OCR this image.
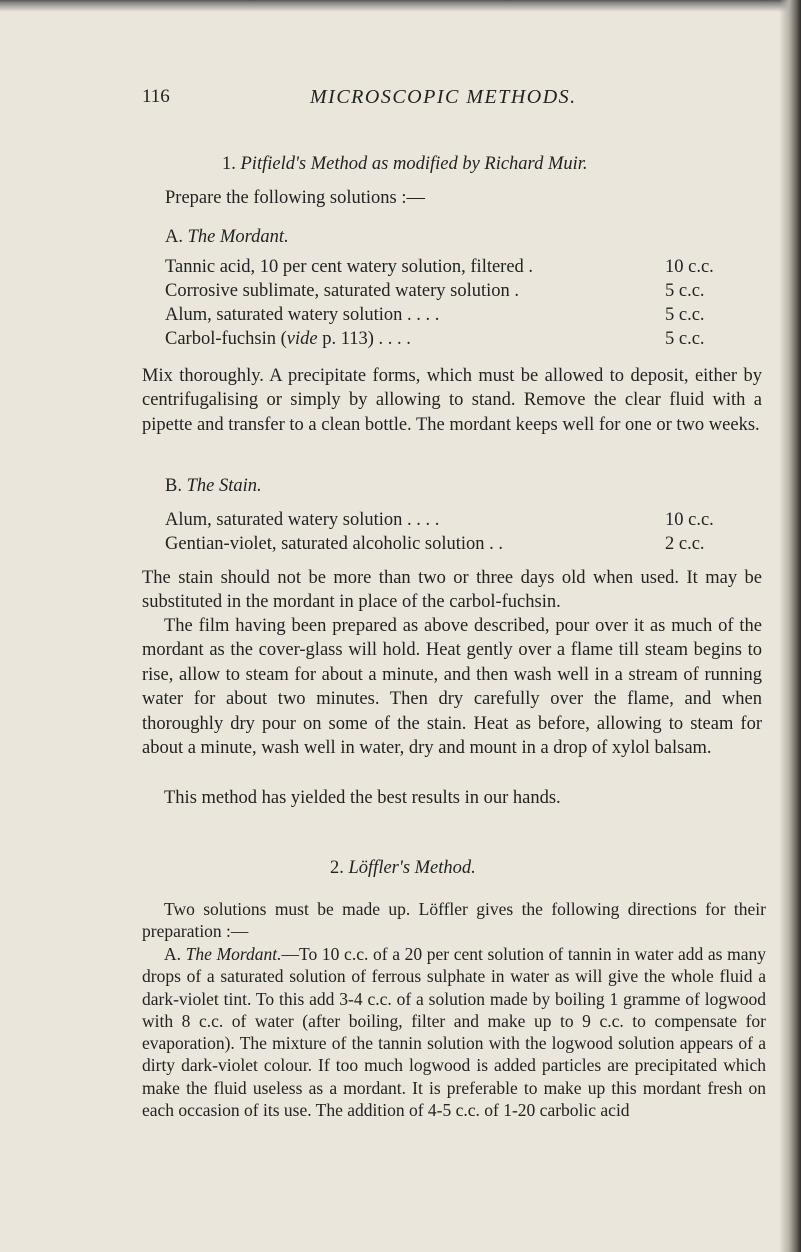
116	MICROSCOPIC METHODS.
1. Pitfield's Method as modified by Richard Muir.
Prepare the following solutions :—
A. The Mordant.
Tannic acid, 10 per cent watery solution, filtered .	10 c.c.
Corrosive sublimate, saturated watery solution .	5 c.c.
Alum, saturated watery solution . . . .	5 c.c.
Carbol-fuchsin (vide p. 113) . . . .	5 c.c.
Mix thoroughly. A precipitate forms, which must be allowed to deposit, either by centrifugalising or simply by allowing to stand. Remove the clear fluid with a pipette and transfer to a clean bottle. The mordant keeps well for one or two weeks.
B. The Stain.
Alum, saturated watery solution . . . .	10 c.c.
Gentian-violet, saturated alcoholic solution . .	2 c.c.
The stain should not be more than two or three days old when used. It may be substituted in the mordant in place of the carbol-fuchsin.
The film having been prepared as above described, pour over it as much of the mordant as the cover-glass will hold. Heat gently over a flame till steam begins to rise, allow to steam for about a minute, and then wash well in a stream of running water for about two minutes. Then dry carefully over the flame, and when thoroughly dry pour on some of the stain. Heat as before, allowing to steam for about a minute, wash well in water, dry and mount in a drop of xylol balsam.
This method has yielded the best results in our hands.
2. Löffler's Method.
Two solutions must be made up. Löffler gives the following directions for their preparation :—
A. The Mordant.—To 10 c.c. of a 20 per cent solution of tannin in water add as many drops of a saturated solution of ferrous sulphate in water as will give the whole fluid a dark-violet tint. To this add 3-4 c.c. of a solution made by boiling 1 gramme of logwood with 8 c.c. of water (after boiling, filter and make up to 9 c.c. to compensate for evaporation). The mixture of the tannin solution with the logwood solution appears of a dirty dark-violet colour. If too much logwood is added particles are precipitated which make the fluid useless as a mordant. It is preferable to make up this mordant fresh on each occasion of its use. The addition of 4-5 c.c. of 1-20 carbolic acid
